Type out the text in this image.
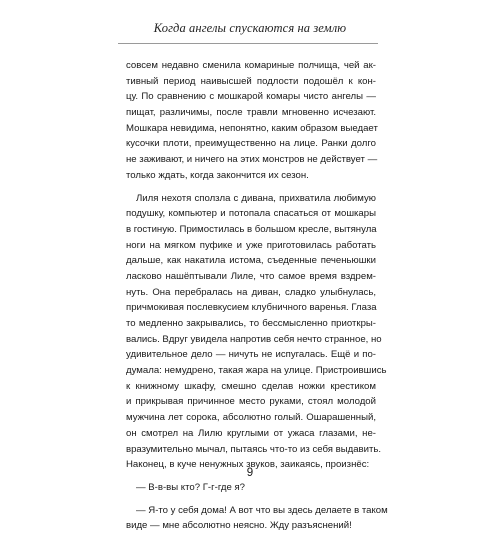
Когда ангелы спускаются на землю
совсем недавно сменила комариные полчища, чей ак-
тивный период наивысшей подлости подошёл к кон-
цу. По сравнению с мошкарой комары чисто ангелы —
пищат, различимы, после травли мгновенно исчезают.
Мошкара невидима, непонятно, каким образом выедает
кусочки плоти, преимущественно на лице. Ранки долго
не заживают, и ничего на этих монстров не действует —
только ждать, когда закончится их сезон.
Лиля нехотя сползла с дивана, прихватила любимую
подушку, компьютер и потопала спасаться от мошкары
в гостиную. Примостилась в большом кресле, вытянула
ноги на мягком пуфике и уже приготовилась работать
дальше, как накатила истома, съеденные печеньюшки
ласково нашёптывали Лиле, что самое время вздрем-
нуть. Она перебралась на диван, сладко улыбнулась,
причмокивая послевкусием клубничного варенья. Глаза
то медленно закрывались, то бессмысленно приоткры-
вались. Вдруг увидела напротив себя нечто странное, но
удивительное дело — ничуть не испугалась. Ещё и по-
думала: немудрено, такая жара на улице. Пристроившись
к книжному шкафу, смешно сделав ножки крестиком
и прикрывая причинное место руками, стоял молодой
мужчина лет сорока, абсолютно голый. Ошарашенный,
он смотрел на Лилю круглыми от ужаса глазами, не-
вразумительно мычал, пытаясь что-то из себя выдавить.
Наконец, в куче ненужных звуков, заикаясь, произнёс:
— В-в-вы кто? Г-г-где я?
— Я-то у себя дома! А вот что вы здесь делаете в таком
виде — мне абсолютно неясно. Жду разъяснений!
9
